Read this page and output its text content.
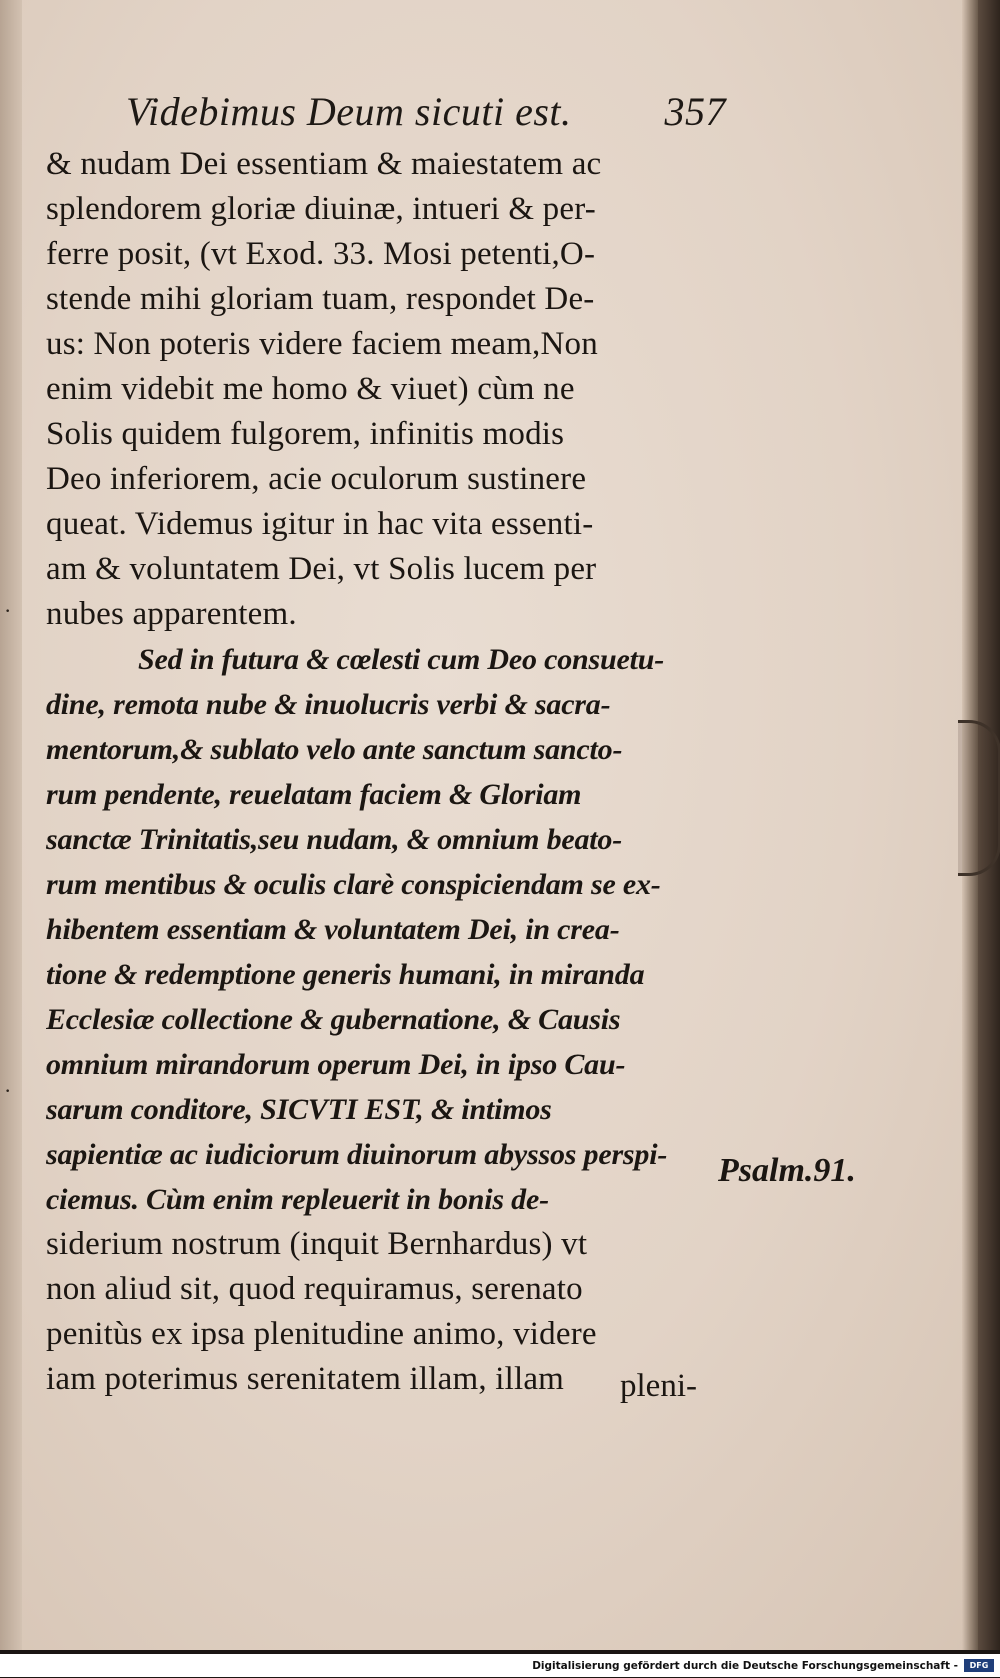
·
·
Videbimus Deum sicuti est. 357
& nudam Dei essentiam & maiestatem ac
splendorem gloriæ diuinæ, intueri & per-
ferre posit, (vt Exod. 33. Mosi petenti,O-
stende mihi gloriam tuam, respondet De-
us: Non poteris videre faciem meam,Non
enim videbit me homo & viuet) cùm ne
Solis quidem fulgorem, infinitis modis
Deo inferiorem, acie oculorum sustinere
queat. Videmus igitur in hac vita essenti-
am & voluntatem Dei, vt Solis lucem per
nubes apparentem.
Sed in futura & cœlesti cum Deo consuetu-
dine, remota nube & inuolucris verbi & sacra-
mentorum,& sublato velo ante sanctum sancto-
rum pendente, reuelatam faciem & Gloriam
sanctæ Trinitatis,seu nudam, & omnium beato-
rum mentibus & oculis clarè conspiciendam se ex-
hibentem essentiam & voluntatem Dei, in crea-
tione & redemptione generis humani, in miranda
Ecclesiæ collectione & gubernatione, & Causis
omnium mirandorum operum Dei, in ipso Cau-
sarum conditore, SICVTI EST, & intimos
sapientiæ ac iudiciorum diuinorum abyssos perspi-
ciemus. Cùm enim repleuerit in bonis de-
siderium nostrum (inquit Bernhardus) vt
non aliud sit, quod requiramus, serenato
penitùs ex ipsa plenitudine animo, videre
iam poterimus serenitatem illam, illam
Psalm.91.
pleni-
Digitalisierung gefördert durch die Deutsche Forschungsgemeinschaft -	DFG
